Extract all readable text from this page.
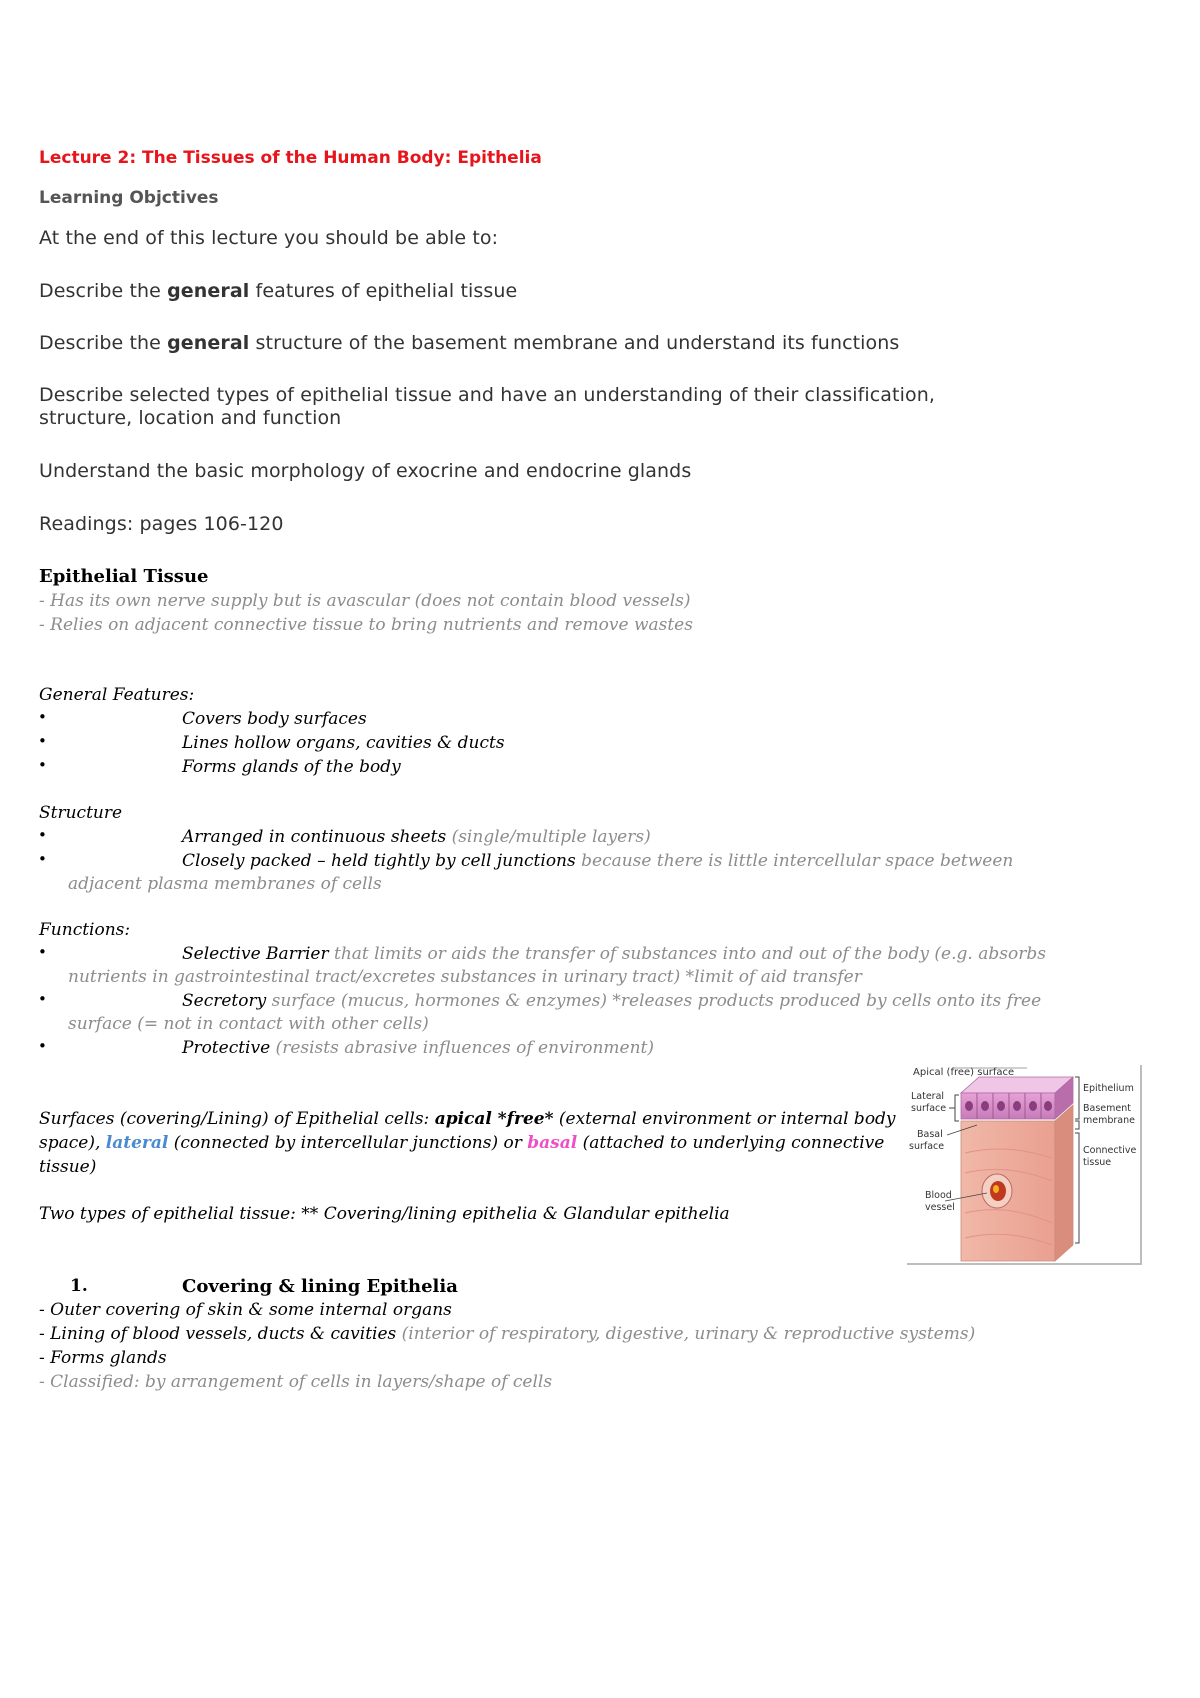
Lecture 2: The Tissues of the Human Body: Epithelia
Learning Objctives
At the end of this lecture you should be able to:
Describe the general features of epithelial tissue
Describe the general structure of the basement membrane and understand its functions
Describe selected types of epithelial tissue and have an understanding of their classification,
structure, location and function
Understand the basic morphology of exocrine and endocrine glands
Readings: pages 106-120
Epithelial Tissue
- Has its own nerve supply but is avascular (does not contain blood vessels)
- Relies on adjacent connective tissue to bring nutrients and remove wastes
General Features:
•	Covers body surfaces
•	Lines hollow organs, cavities & ducts
•	Forms glands of the body
Structure
•	Arranged in continuous sheets (single/multiple layers)
•	Closely packed – held tightly by cell junctions because there is little intercellular space between
adjacent plasma membranes of cells
Functions:
•	Selective Barrier that limits or aids the transfer of substances into and out of the body (e.g. absorbs
nutrients in gastrointestinal tract/excretes substances in urinary tract) *limit of aid transfer
•	Secretory surface (mucus, hormones & enzymes) *releases products produced by cells onto its free
surface (= not in contact with other cells)
•	Protective (resists abrasive influences of environment)
Surfaces (covering/Lining) of Epithelial cells: apical *free* (external environment or internal body
space), lateral (connected by intercellular junctions) or basal (attached to underlying connective
tissue)
Two types of epithelial tissue: ** Covering/lining epithelia & Glandular epithelia
1.	Covering & lining Epithelia
- Outer covering of skin & some internal organs
- Lining of blood vessels, ducts & cavities (interior of respiratory, digestive, urinary & reproductive systems)
- Forms glands
- Classified: by arrangement of cells in layers/shape of cells
Apical (free) surface
Lateral
surface
Basal
surface
Blood
vessel
Epithelium
Basement
membrane
Connective
tissue
